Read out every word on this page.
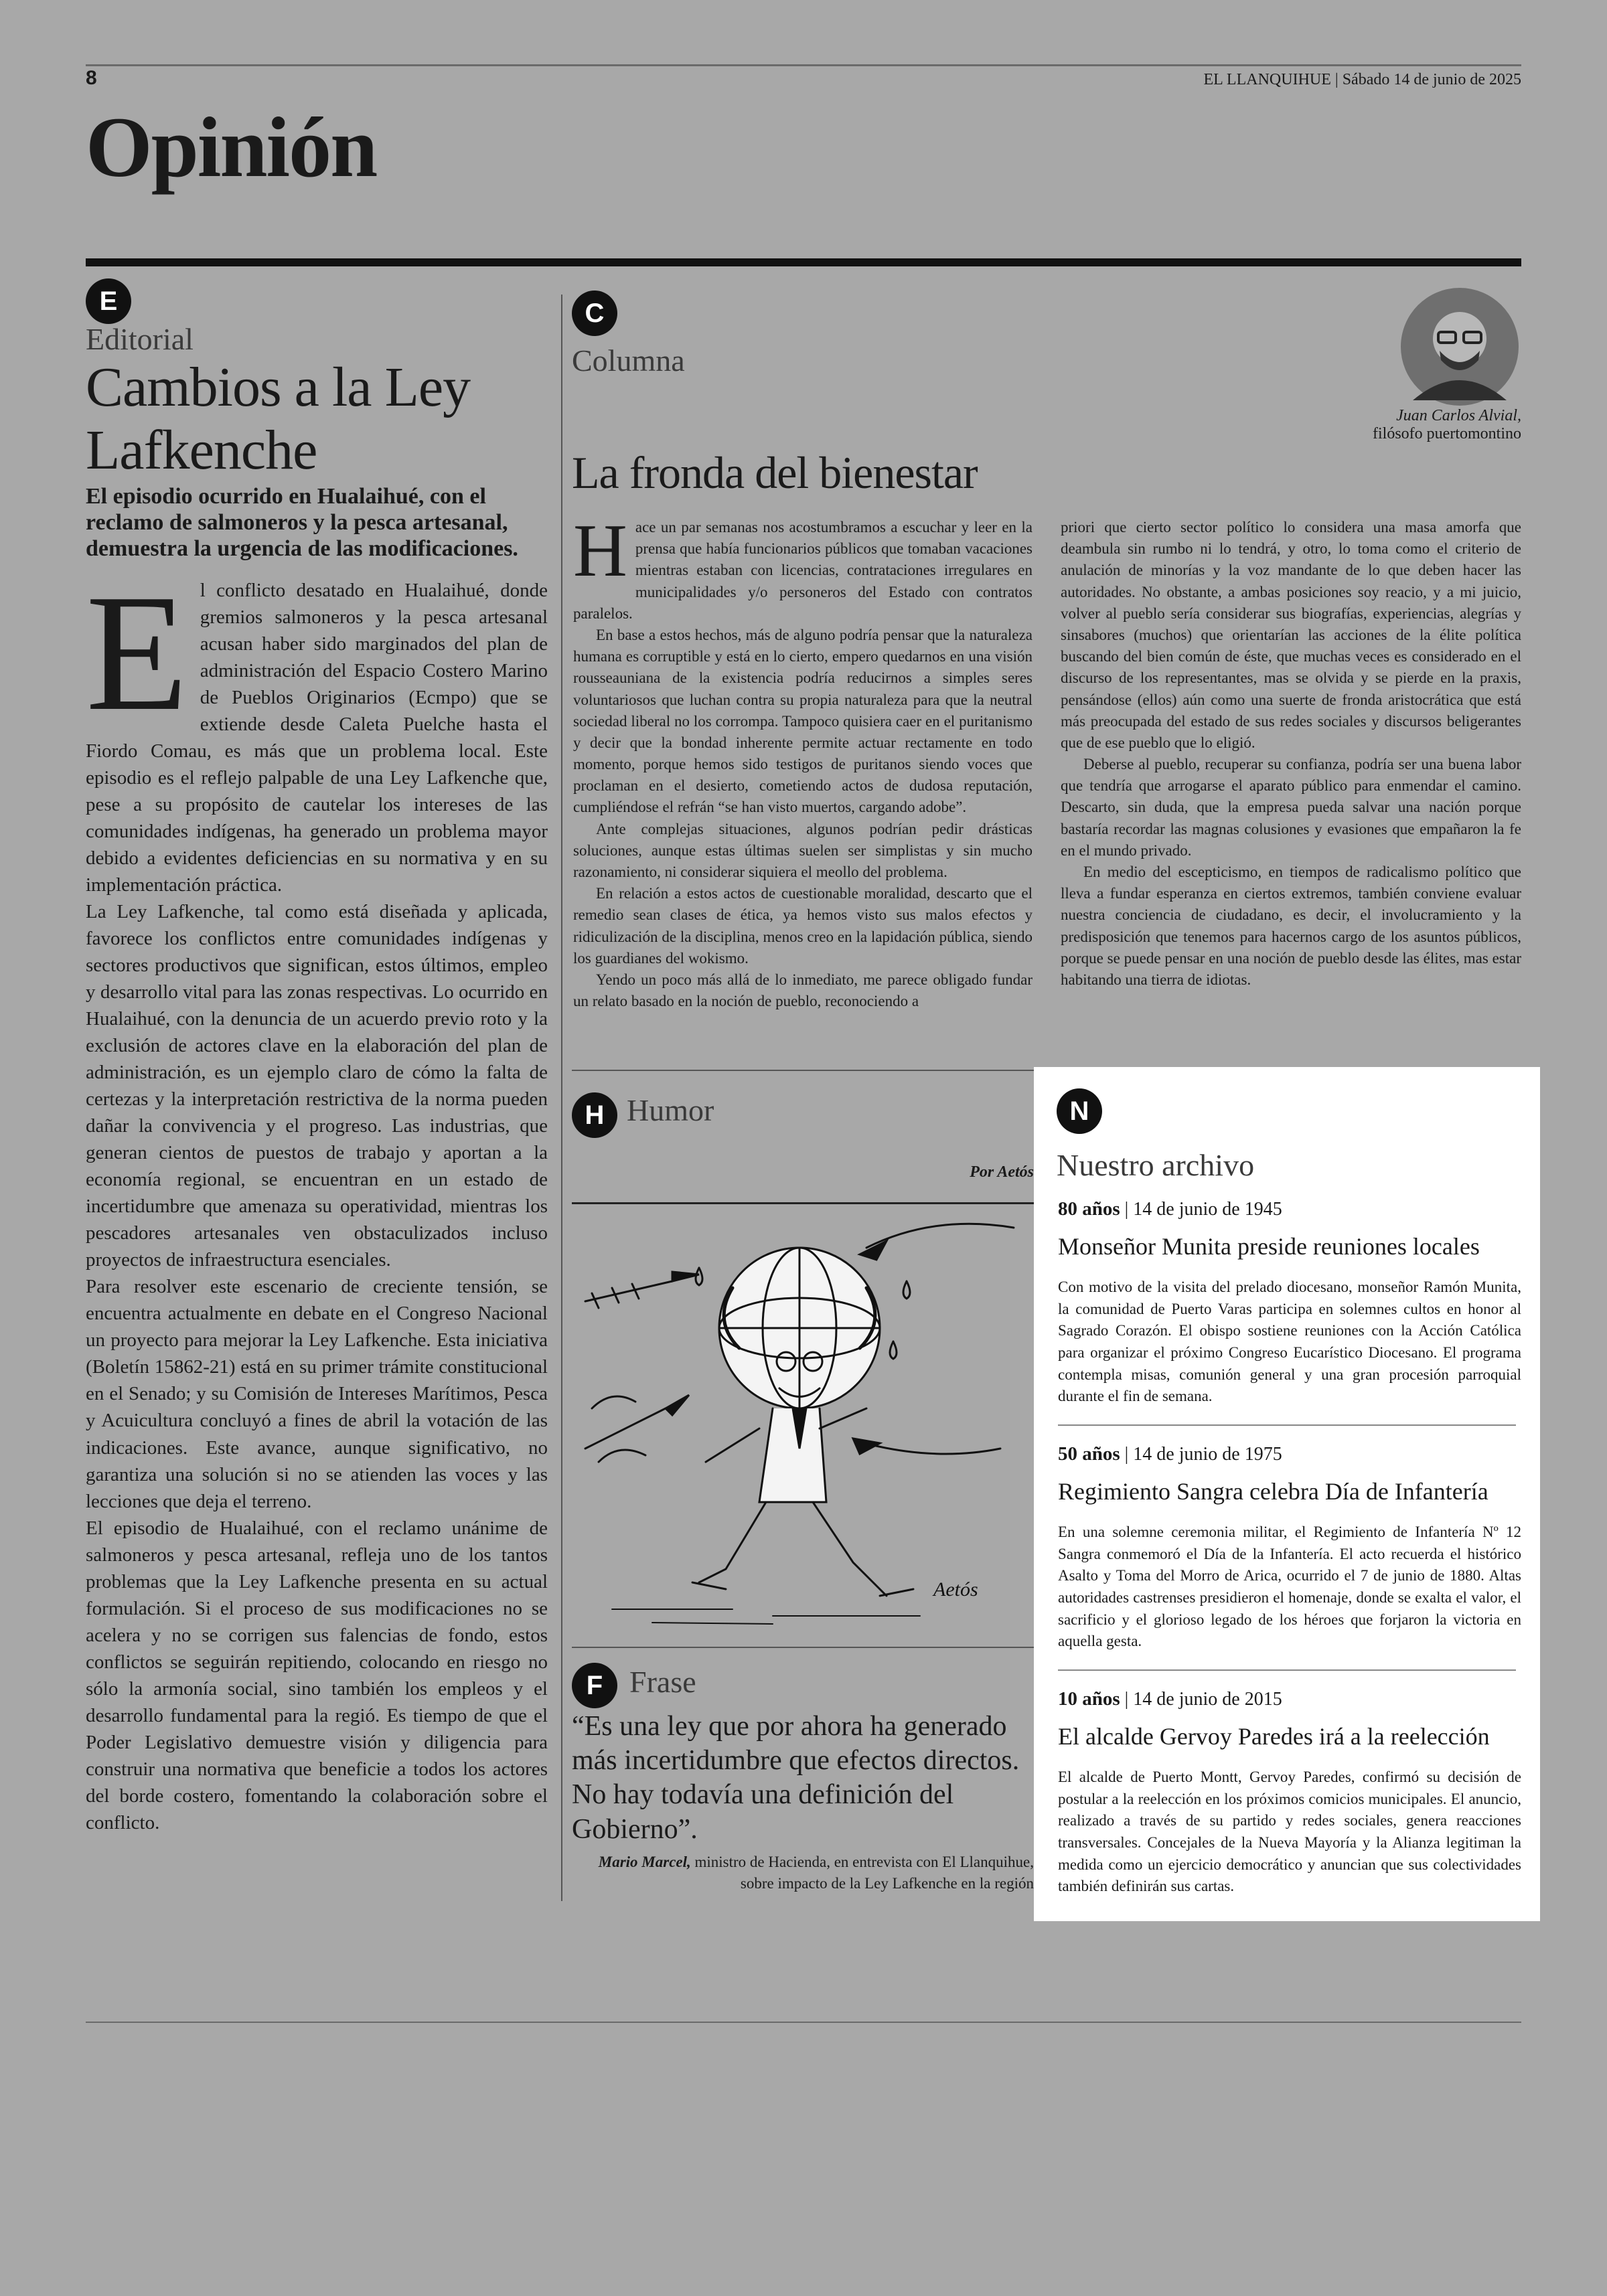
8	EL LLANQUIHUE | Sábado 14 de junio de 2025
Opinión
E
Editorial
Cambios a la Ley Lafkenche
El episodio ocurrido en Hualaihué, con el reclamo de salmoneros y la pesca artesanal, demuestra la urgencia de las modificaciones.

El conflicto desatado en Hualaihué, donde gremios salmoneros y la pesca artesanal acusan haber sido marginados del plan de administración del Espacio Costero Marino de Pueblos Originarios (Ecmpo) que se extiende desde Caleta Puelche hasta el Fiordo Comau, es más que un problema local. Este episodio es el reflejo palpable de una Ley Lafkenche que, pese a su propósito de cautelar los intereses de las comunidades indígenas, ha generado un problema mayor debido a evidentes deficiencias en su normativa y en su implementación práctica.

La Ley Lafkenche, tal como está diseñada y aplicada, favorece los conflictos entre comunidades indígenas y sectores productivos que significan, estos últimos, empleo y desarrollo vital para las zonas respectivas. Lo ocurrido en Hualaihué, con la denuncia de un acuerdo previo roto y la exclusión de actores clave en la elaboración del plan de administración, es un ejemplo claro de cómo la falta de certezas y la interpretación restrictiva de la norma pueden dañar la convivencia y el progreso. Las industrias, que generan cientos de puestos de trabajo y aportan a la economía regional, se encuentran en un estado de incertidumbre que amenaza su operatividad, mientras los pescadores artesanales ven obstaculizados incluso proyectos de infraestructura esenciales.

Para resolver este escenario de creciente tensión, se encuentra actualmente en debate en el Congreso Nacional un proyecto para mejorar la Ley Lafkenche. Esta iniciativa (Boletín 15862-21) está en su primer trámite constitucional en el Senado; y su Comisión de Intereses Marítimos, Pesca y Acuicultura concluyó a fines de abril la votación de las indicaciones. Este avance, aunque significativo, no garantiza una solución si no se atienden las voces y las lecciones que deja el terreno.

El episodio de Hualaihué, con el reclamo unánime de salmoneros y pesca artesanal, refleja uno de los tantos problemas que la Ley Lafkenche presenta en su actual formulación. Si el proceso de sus modificaciones no se acelera y no se corrigen sus falencias de fondo, estos conflictos se seguirán repitiendo, colocando en riesgo no sólo la armonía social, sino también los empleos y el desarrollo fundamental para la regió. Es tiempo de que el Poder Legislativo demuestre visión y diligencia para construir una normativa que beneficie a todos los actores del borde costero, fomentando la colaboración sobre el conflicto.

C
Columna
Juan Carlos Alvial,
filósofo puertomontino
La fronda del bienestar

Hace un par semanas nos acostumbramos a escuchar y leer en la prensa que había funcionarios públicos que tomaban vacaciones mientras estaban con licencias, contrataciones irregulares en municipalidades y/o personeros del Estado con contratos paralelos.

En base a estos hechos, más de alguno podría pensar que la naturaleza humana es corruptible y está en lo cierto, empero quedarnos en una visión rousseauniana de la existencia podría reducirnos a simples seres voluntariosos que luchan contra su propia naturaleza para que la neutral sociedad liberal no los corrompa. Tampoco quisiera caer en el puritanismo y decir que la bondad inherente permite actuar rectamente en todo momento, porque hemos sido testigos de puritanos siendo voces que proclaman en el desierto, cometiendo actos de dudosa reputación, cumpliéndose el refrán “se han visto muertos, cargando adobe”.

Ante complejas situaciones, algunos podrían pedir drásticas soluciones, aunque estas últimas suelen ser simplistas y sin mucho razonamiento, ni considerar siquiera el meollo del problema.

En relación a estos actos de cuestionable moralidad, descarto que el remedio sean clases de ética, ya hemos visto sus malos efectos y ridiculización de la disciplina, menos creo en la lapidación pública, siendo los guardianes del wokismo.

Yendo un poco más allá de lo inmediato, me parece obligado fundar un relato basado en la noción de pueblo, reconociendo a

priori que cierto sector político lo considera una masa amorfa que deambula sin rumbo ni lo tendrá, y otro, lo toma como el criterio de anulación de minorías y la voz mandante de lo que deben hacer las autoridades. No obstante, a ambas posiciones soy reacio, y a mi juicio, volver al pueblo sería considerar sus biografías, experiencias, alegrías y sinsabores (muchos) que orientarían las acciones de la élite política buscando del bien común de éste, que muchas veces es considerado en el discurso de los representantes, mas se olvida y se pierde en la praxis, pensándose (ellos) aún como una suerte de fronda aristocrática que está más preocupada del estado de sus redes sociales y discursos beligerantes que de ese pueblo que lo eligió.

Deberse al pueblo, recuperar su confianza, podría ser una buena labor que tendría que arrogarse el aparato público para enmendar el camino. Descarto, sin duda, que la empresa pueda salvar una nación porque bastaría recordar las magnas colusiones y evasiones que empañaron la fe en el mundo privado.

En medio del escepticismo, en tiempos de radicalismo político que lleva a fundar esperanza en ciertos extremos, también conviene evaluar nuestra conciencia de ciudadano, es decir, el involucramiento y la predisposición que tenemos para hacernos cargo de los asuntos públicos, porque se puede pensar en una noción de pueblo desde las élites, mas estar habitando una tierra de idiotas.

H Humor
Por Aetós
Aetós
F Frase
“Es una ley que por ahora ha generado más incertidumbre que efectos directos. No hay todavía una definición del Gobierno”.
Mario Marcel, ministro de Hacienda, en entrevista con El Llanquihue, sobre impacto de la Ley Lafkenche en la región
N
Nuestro archivo
80 años | 14 de junio de 1945
Monseñor Munita preside reuniones locales
Con motivo de la visita del prelado diocesano, monseñor Ramón Munita, la comunidad de Puerto Varas participa en solemnes cultos en honor al Sagrado Corazón. El obispo sostiene reuniones con la Acción Católica para organizar el próximo Congreso Eucarístico Diocesano. El programa contempla misas, comunión general y una gran procesión parroquial durante el fin de semana.
50 años | 14 de junio de 1975
Regimiento Sangra celebra Día de Infantería
En una solemne ceremonia militar, el Regimiento de Infantería Nº 12 Sangra conmemoró el Día de la Infantería. El acto recuerda el histórico Asalto y Toma del Morro de Arica, ocurrido el 7 de junio de 1880. Altas autoridades castrenses presidieron el homenaje, donde se exalta el valor, el sacrificio y el glorioso legado de los héroes que forjaron la victoria en aquella gesta.
10 años | 14 de junio de 2015
El alcalde Gervoy Paredes irá a la reelección
El alcalde de Puerto Montt, Gervoy Paredes, confirmó su decisión de postular a la reelección en los próximos comicios municipales. El anuncio, realizado a través de su partido y redes sociales, genera reacciones transversales. Concejales de la Nueva Mayoría y la Alianza legitiman la medida como un ejercicio democrático y anuncian que sus colectividades también definirán sus cartas.
